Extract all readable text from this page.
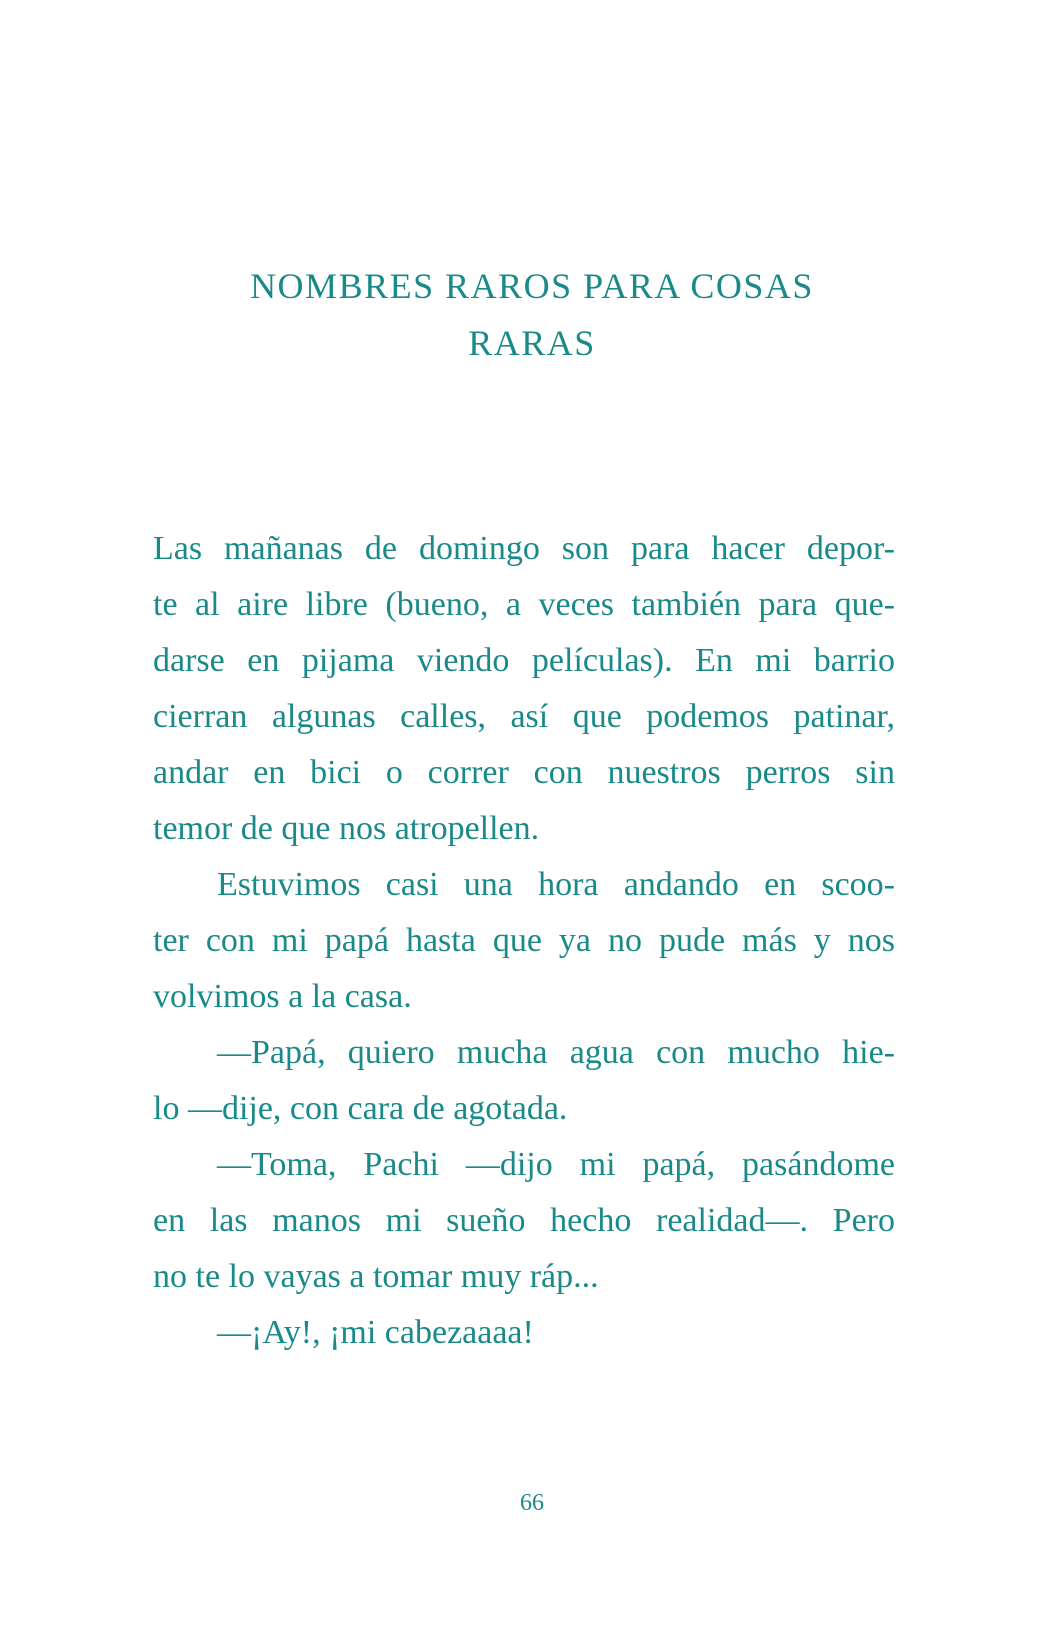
NOMBRES RAROS PARA COSAS
RARAS
Las mañanas de domingo son para hacer depor-
te al aire libre (bueno, a veces también para que-
darse en pijama viendo películas). En mi barrio
cierran algunas calles, así que podemos patinar,
andar en bici o correr con nuestros perros sin
temor de que nos atropellen.
Estuvimos casi una hora andando en scoo-
ter con mi papá hasta que ya no pude más y nos
volvimos a la casa.
—Papá, quiero mucha agua con mucho hie-
lo —dije, con cara de agotada.
—Toma, Pachi —dijo mi papá, pasándome
en las manos mi sueño hecho realidad—. Pero
no te lo vayas a tomar muy ráp...
—¡Ay!, ¡mi cabezaaaa!
66
